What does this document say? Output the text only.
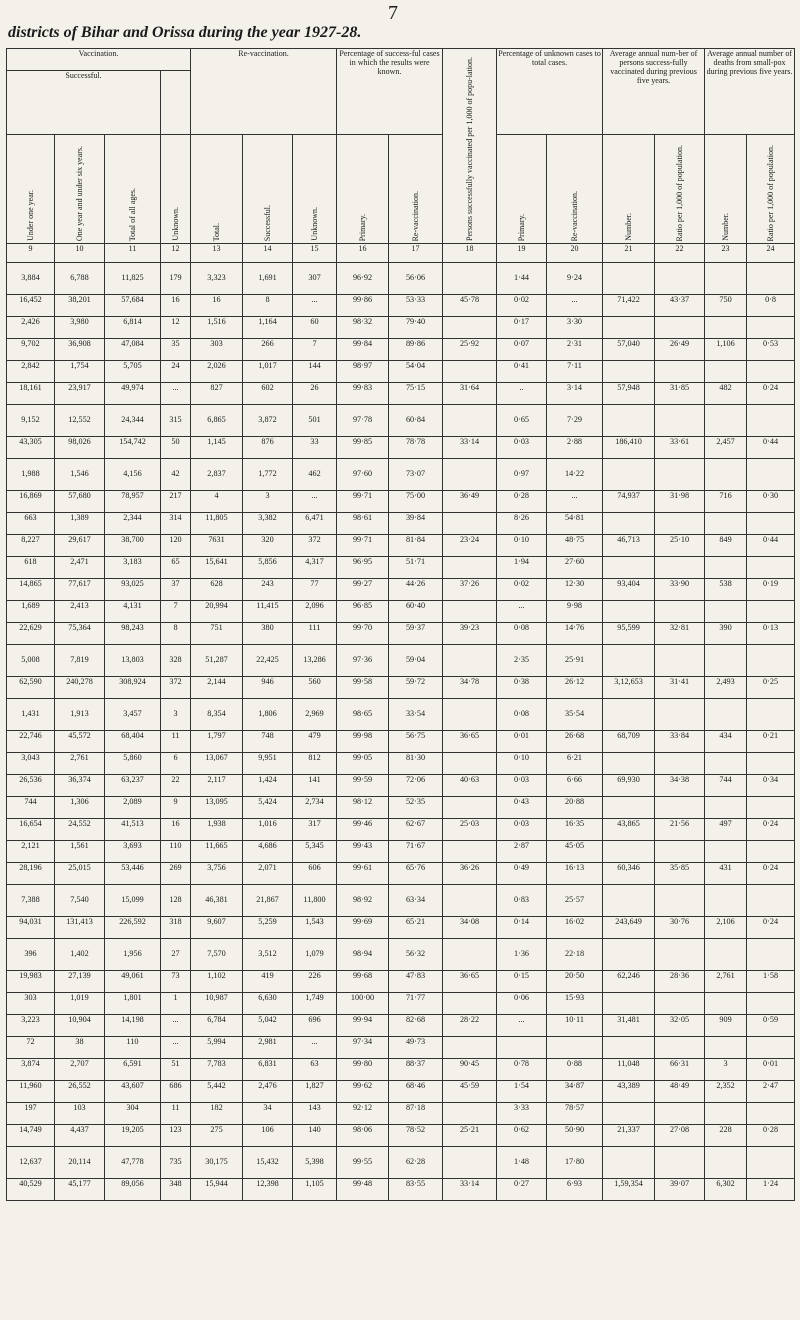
7
districts of Bihar and Orissa during the year 1927-28.
Vaccination.				Re-vaccination.			Percentage of success-ful cases in which the results were known.		Persons successfully vaccinated per 1,000 of popu-lation.	Percentage of unknown cases to total cases.		Average annual num-ber of persons success-fully vaccinated during previous five years.		Average annual number of deaths from small-pox during previous five years.	
Successful.															
Under one year.	One year and under six years.	Total of all ages.	Unknown.	Total.	Successful.	Unknown.	Primary.	Re-vaccination.		Primary.	Re-vaccination.	Number.	Ratio per 1,000 of population.	Number.	Ratio per 1,000 of population.
9	10	11	12	13	14	15	16	17	18	19	20	21	22	23	24
3,884	6,788	11,825	179	3,323	1,691	307	96·92	56·06		1·44	9·24				
16,452	38,201	57,684	16	16	8	...	99·86	53·33	45·78	0·02	...	71,422	43·37	750	0·8
2,426	3,980	6,814	12	1,516	1,164	60	98·32	79·40		0·17	3·30				
9,702	36,908	47,084	35	303	266	7	99·84	89·86	25·92	0·07	2·31	57,040	26·49	1,106	0·53
2,842	1,754	5,705	24	2,026	1,017	144	98·97	54·04		0·41	7·11				
18,161	23,917	49,974	...	827	602	26	99·83	75·15	31·64	..	3·14	57,948	31·85	482	0·24
9,152	12,552	24,344	315	6,865	3,872	501	97·78	60·84		0·65	7·29				
43,305	98,026	154,742	50	1,145	876	33	99·85	78·78	33·14	0·03	2·88	186,410	33·61	2,457	0·44
1,988	1,546	4,156	42	2,837	1,772	462	97·60	73·07		0·97	14·22				
16,869	57,680	78,957	217	4	3	...	99·71	75·00	36·49	0·28	...	74,937	31·98	716	0·30
663	1,389	2,344	314	11,805	3,382	6,471	98·61	39·84		8·26	54·81				
8,227	29,617	38,700	120	7631	320	372	99·71	81·84	23·24	0·10	48·75	46,713	25·10	849	0·44
618	2,471	3,183	65	15,641	5,856	4,317	96·95	51·71		1·94	27·60				
14,865	77,617	93,025	37	628	243	77	99·27	44·26	37·26	0·02	12·30	93,404	33·90	538	0·19
1,689	2,413	4,131	7	20,994	11,415	2,096	96·85	60·40		...	9·98				
22,629	75,364	98,243	8	751	380	111	99·70	59·37	39·23	0·08	14·76	95,599	32·81	390	0·13
5,008	7,819	13,803	328	51,287	22,425	13,286	97·36	59·04		2·35	25·91				
62,590	240,278	308,924	372	2,144	946	560	99·58	59·72	34·78	0·38	26·12	3,12,653	31·41	2,493	0·25
1,431	1,913	3,457	3	8,354	1,806	2,969	98·65	33·54		0·08	35·54				
22,746	45,572	68,404	11	1,797	748	479	99·98	56·75	36·65	0·01	26·68	68,709	33·84	434	0·21
3,043	2,761	5,860	6	13,067	9,951	812	99·05	81·30		0·10	6·21				
26,536	36,374	63,237	22	2,117	1,424	141	99·59	72·06	40·63	0·03	6·66	69,930	34·38	744	0·34
744	1,306	2,089	9	13,095	5,424	2,734	98·12	52·35		0·43	20·88				
16,654	24,552	41,513	16	1,938	1,016	317	99·46	62·67	25·03	0·03	16·35	43,865	21·56	497	0·24
2,121	1,561	3,693	110	11,665	4,686	5,345	99·43	71·67		2·87	45·05				
28,196	25,015	53,446	269	3,756	2,071	606	99·61	65·76	36·26	0·49	16·13	60,346	35·85	431	0·24
7,388	7,540	15,099	128	46,381	21,867	11,800	98·92	63·34		0·83	25·57				
94,031	131,413	226,592	318	9,607	5,259	1,543	99·69	65·21	34·08	0·14	16·02	243,649	30·76	2,106	0·24
396	1,402	1,956	27	7,570	3,512	1,079	98·94	56·32		1·36	22·18				
19,983	27,139	49,061	73	1,102	419	226	99·68	47·83	36·65	0·15	20·50	62,246	28·36	2,761	1·58
303	1,019	1,801	1	10,987	6,630	1,749	100·00	71·77		0·06	15·93				
3,223	10,904	14,198	...	6,784	5,042	696	99·94	82·68	28·22	...	10·11	31,481	32·05	909	0·59
72	38	110	...	5,994	2,981	...	97·34	49·73							
3,874	2,707	6,591	51	7,783	6,831	63	99·80	88·37	90·45	0·78	0·88	11,048	66·31	3	0·01
11,960	26,552	43,607	686	5,442	2,476	1,827	99·62	68·46	45·59	1·54	34·87	43,389	48·49	2,352	2·47
197	103	304	11	182	34	143	92·12	87·18		3·33	78·57				
14,749	4,437	19,205	123	275	106	140	98·06	78·52	25·21	0·62	50·90	21,337	27·08	228	0·28
12,637	20,114	47,778	735	30,175	15,432	5,398	99·55	62·28		1·48	17·80				
40,529	45,177	89,056	348	15,944	12,398	1,105	99·48	83·55	33·14	0·27	6·93	1,59,354	39·07	6,302	1·24
